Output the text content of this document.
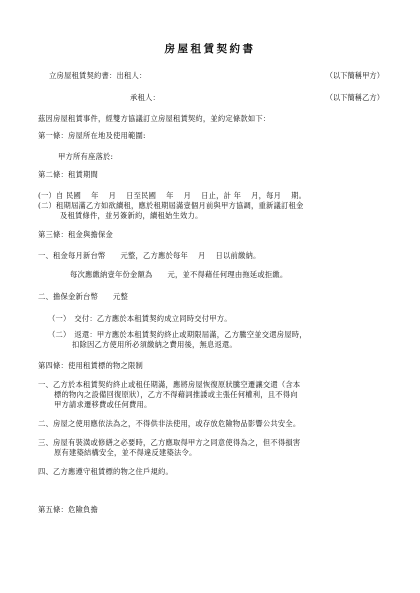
房屋租賃契約書
立房屋租賃契約書：出租人：	（以下簡稱甲方）
承租人：	（以下簡稱乙方）
茲因房屋租賃事件，經雙方協議訂立房屋租賃契約，並約定條款如下：
第一條：房屋所在地及使用範圍:
甲方所有座落於:
第二條：租賃期間
(一）自 民國　 年　 月　 日至民國　 年　 月　 日止，計 年　 月，每月　 期。
(二）租期屆滿乙方如欲續租，應於租期屆滿壹個月前與甲方協調，重新議訂租金
及租賃條件，並另簽新約，續租始生效力。
第三條：租金與擔保金
一、租金每月新台幣　　元整，乙方應於每年　 月　 日以前繳納。
每次應繳納壹年份金額為　　元，並不得藉任何理由拖延或拒繳。
二、擔保金新台幣　　元整
（一）　交付：乙方應於本租賃契約成立同時交付甲方。
（二）　返還：甲方應於本租賃契約終止或期限屆滿，乙方騰空並交還房屋時，
扣除因乙方使用所必須繳納之費用後，無息返還。
第四條：使用租賃標的物之限制
一、乙方於本租賃契約終止或租任期滿，應將房屋恢復原狀騰空遷讓交還（含本
標的物內之設備回復原狀），乙方不得藉詞推諉或主張任何權利，且不得向
甲方請求遷移費或任何費用。
二、房屋之使用應依法為之，不得供非法使用，或存放危險物品影響公共安全。
三、房屋有裝潢或修繕之必要時，乙方應取得甲方之同意使得為之，但不得損害
原有建築結構安全，並不得違反建築法令。
四、乙方應遵守租賃標的物之住戶規約。
第五條：危險負擔
